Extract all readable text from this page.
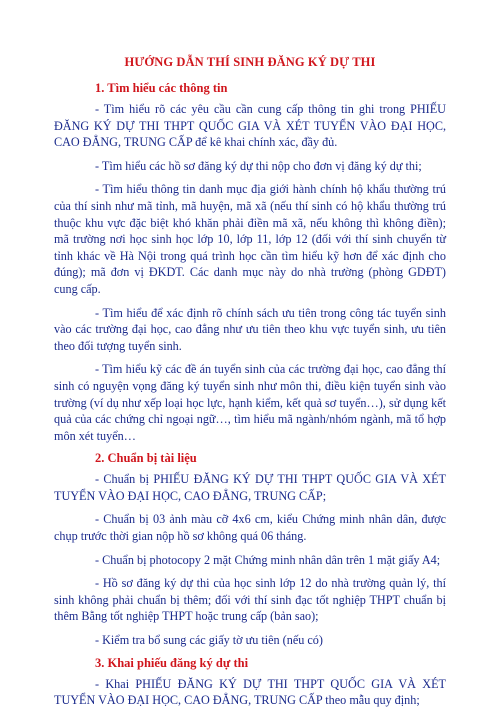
HƯỚNG DẪN THÍ SINH ĐĂNG KÝ DỰ THI
1. Tìm hiểu các thông tin

- Tìm hiểu rõ các yêu cầu cần cung cấp thông tin ghi trong PHIẾU ĐĂNG KÝ DỰ THI THPT QUỐC GIA VÀ XÉT TUYỂN VÀO ĐẠI HỌC, CAO ĐẲNG, TRUNG CẤP để kê khai chính xác, đầy đủ.

- Tìm hiểu các hồ sơ đăng ký dự thi nộp cho đơn vị đăng ký dự thi;

- Tìm hiểu thông tin danh mục địa giới hành chính hộ khẩu thường trú của thí sinh như mã tỉnh, mã huyện, mã xã (nếu thí sinh có hộ khẩu thường trú thuộc khu vực đặc biệt khó khăn phải điền mã xã, nếu không thì không điền); mã trường nơi học sinh học lớp 10, lớp 11, lớp 12 (đối với thí sinh chuyển từ tỉnh khác về Hà Nội trong quá trình học cần tìm hiểu kỹ hơn để xác định cho đúng); mã đơn vị ĐKDT. Các danh mục này do nhà trường (phòng GDĐT) cung cấp.

- Tìm hiểu để xác định rõ chính sách ưu tiên trong công tác tuyển sinh vào các trường đại học, cao đẳng như ưu tiên theo khu vực tuyển sinh, ưu tiên theo đối tượng tuyển sinh.

- Tìm hiểu kỹ các đề án tuyển sinh của các trường đại học, cao đẳng thí sinh có nguyện vọng đăng ký tuyển sinh như môn thi, điều kiện tuyển sinh vào trường (ví dụ như xếp loại học lực, hạnh kiểm, kết quả sơ tuyển…), sử dụng kết quả của các chứng chỉ ngoại ngữ…, tìm hiểu mã ngành/nhóm ngành, mã tổ hợp môn xét tuyển…

2. Chuẩn bị tài liệu

- Chuẩn bị PHIẾU ĐĂNG KÝ DỰ THI THPT QUỐC GIA VÀ XÉT TUYỂN VÀO ĐẠI HỌC, CAO ĐẲNG, TRUNG CẤP;

- Chuẩn bị 03 ảnh màu cỡ 4x6 cm, kiểu Chứng minh nhân dân, được chụp trước thời gian nộp hồ sơ không quá 06 tháng.

- Chuẩn bị photocopy 2 mặt Chứng minh nhân dân trên 1 mặt giấy A4;

- Hồ sơ đăng ký dự thi của học sinh lớp 12 do nhà trường quản lý, thí sinh không phải chuẩn bị thêm; đối với thí sinh đạc tốt nghiệp THPT chuẩn bị thêm Bằng tốt nghiệp THPT hoặc trung cấp (bản sao);

- Kiểm tra bổ sung các giấy tờ ưu tiên (nếu có)

3. Khai phiếu đăng ký dự thi

- Khai PHIẾU ĐĂNG KÝ DỰ THI THPT QUỐC GIA VÀ XÉT TUYỂN VÀO ĐẠI HỌC, CAO ĐẲNG, TRUNG CẤP theo mẫu quy định;
